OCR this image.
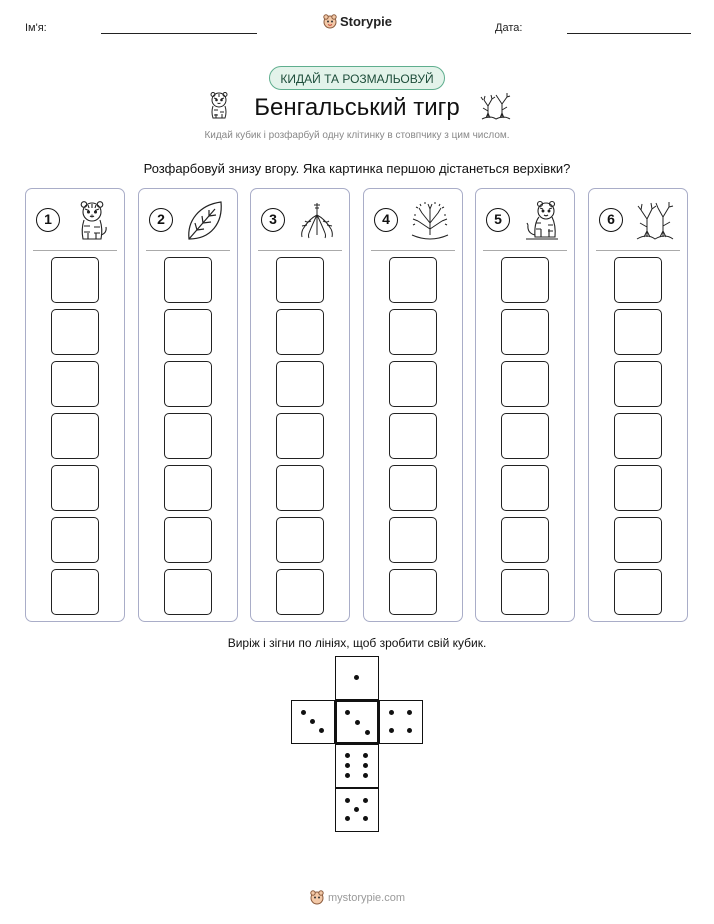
Ім'я:	Storypie	Дата:
КИДАЙ ТА РОЗМАЛЬОВУЙ
Бенгальський тигр
Кидай кубик і розфарбуй одну клітинку в стовпчику з цим числом.
Розфарбовуй знизу вгору. Яка картинка першою дістанеться верхівки?
1	2	3	4	5	6
Виріж і зігни по лініях, щоб зробити свій кубик.
mystorypie.com
